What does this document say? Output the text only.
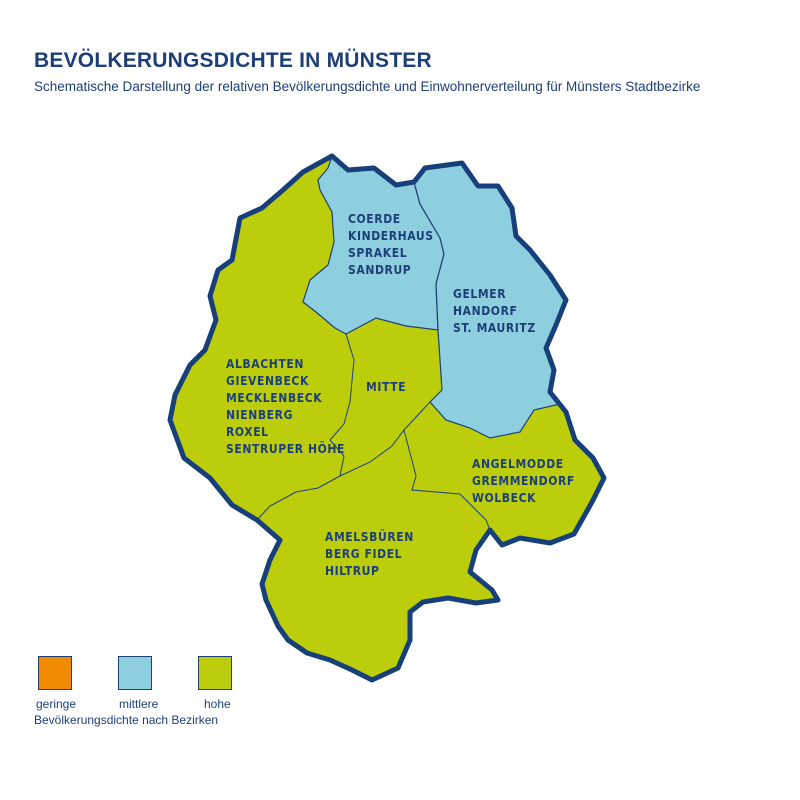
BEVÖLKERUNGSDICHTE IN MÜNSTER
Schematische Darstellung der relativen Bevölkerungsdichte und Einwohnerverteilung für Münsters Stadtbezirke
COERDE KINDERHAUS SPRAKEL SANDRUP
GELMER HANDORF ST. MAURITZ
ALBACHTEN GIEVENBECK MECKLENBECK NIENBERG ROXEL SENTRUPER HÖHE
MITTE
ANGELMODDE GREMMENDORF WOLBECK
AMELSBÜREN BERG FIDEL HILTRUP
geringe	mittlere	hohe
Bevölkerungsdichte nach Bezirken
